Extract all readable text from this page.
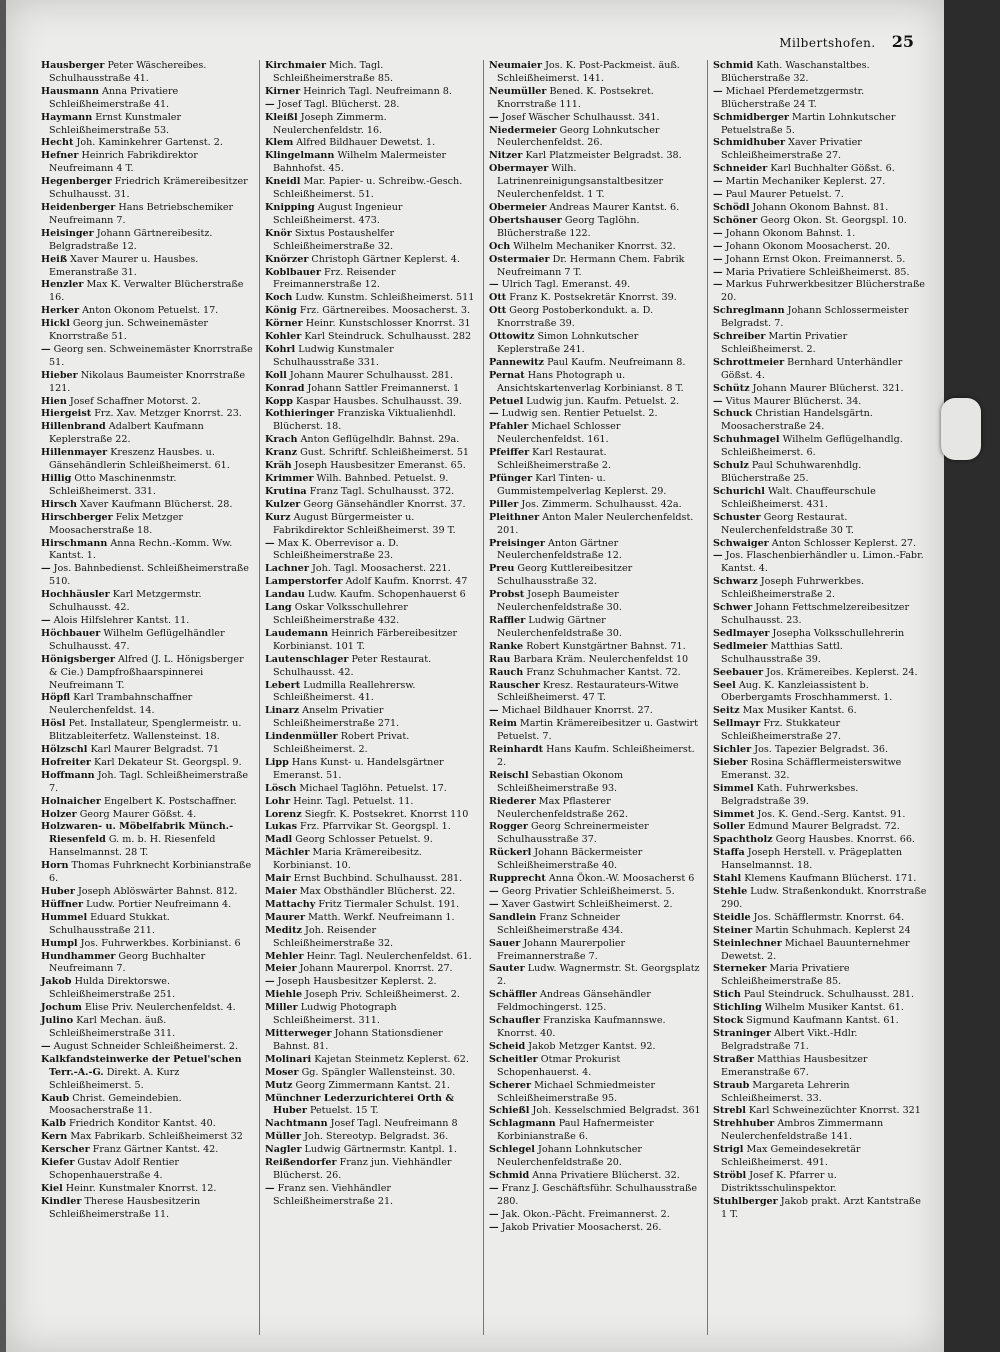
Milbertshofen. 25
Hausberger Peter Wäschereibes. Schulhausstraße 41.
Hausmann Anna Privatiere Schleißheimerstraße 41.
Haymann Ernst Kunstmaler Schleißheimerstraße 53.
Hecht Joh. Kaminkehrer Gartenst. 2.
Hefner Heinrich Fabrikdirektor Neufreimann 4 T.
Hegenberger Friedrich Krämereibesitzer Schulhausst. 31.
Heidenberger Hans Betriebschemiker Neufreimann 7.
Heisinger Johann Gärtnereibesitz. Belgradstraße 12.
Heiß Xaver Maurer u. Hausbes. Emeranstraße 31.
Henzler Max K. Verwalter Blücherstraße 16.
Herker Anton Okonom Petuelst. 17.
Hickl Georg jun. Schweinemäster Knorrstraße 51.
— Georg sen. Schweinemäster Knorrstraße 51.
Hieber Nikolaus Baumeister Knorrstraße 121.
Hien Josef Schaffner Motorst. 2.
Hiergeist Frz. Xav. Metzger Knorrst. 23.
Hillenbrand Adalbert Kaufmann Keplerstraße 22.
Hillenmayer Kreszenz Hausbes. u. Gänsehändlerin Schleißheimerst. 61.
Hillig Otto Maschinenmstr. Schleißheimerst. 331.
Hirsch Xaver Kaufmann Blücherst. 28.
Hirschberger Felix Metzger Moosacherstraße 18.
Hirschmann Anna Rechn.-Komm. Ww. Kantst. 1.
— Jos. Bahnbedienst. Schleißheimerstraße 510.
Hochhäusler Karl Metzgermstr. Schulhausst. 42.
— Alois Hilfslehrer Kantst. 11.
Höchbauer Wilhelm Geflügelhändler Schulhausst. 47.
Hönigsberger Alfred (J. L. Hönigsberger & Cie.) Dampfroßhaarspinnerei Neufreimann T.
Höpfl Karl Trambahnschaffner Neulerchenfeldst. 14.
Hösl Pet. Installateur, Spenglermeistr. u. Blitzableiterfetz. Wallensteinst. 18.
Hölzschl Karl Maurer Belgradst. 71
Hofreiter Karl Dekateur St. Georgspl. 9.
Hoffmann Joh. Tagl. Schleißheimerstraße 7.
Holnaicher Engelbert K. Postschaffner.
Holzer Georg Maurer Gößst. 4.
Holzwaren- u. Möbelfabrik Münch.-Riesenfeld G. m. b. H. Riesenfeld Hanselmannst. 28 T.
Horn Thomas Fuhrknecht Korbinianstraße 6.
Huber Joseph Ablöswärter Bahnst. 812.
Hüffner Ludw. Portier Neufreimann 4.
Hummel Eduard Stukkat. Schulhausstraße 211.
Humpl Jos. Fuhrwerkbes. Korbinianst. 6
Hundhammer Georg Buchhalter Neufreimann 7.
Jakob Hulda Direktorswe. Schleißheimerstraße 251.
Jochum Elise Priv. Neulerchenfeldst. 4.
Julino Karl Mechan. äuß. Schleißheimerstraße 311.
— August Schneider Schleißheimerst. 2.
Kalkfandsteinwerke der Petuel'schen Terr.-A.-G. Direkt. A. Kurz Schleißheimerst. 5.
Kaub Christ. Gemeindebien. Moosacherstraße 11.
Kalb Friedrich Konditor Kantst. 40.
Kern Max Fabrikarb. Schleißheimerst 32
Kerscher Franz Gärtner Kantst. 42.
Kiefer Gustav Adolf Rentier Schopenhauerstraße 4.
Kiel Heinr. Kunstmaler Knorrst. 12.
Kindler Therese Hausbesitzerin Schleißheimerstraße 11.
Kirchmaier Mich. Tagl. Schleißheimerstraße 85.
Kirner Heinrich Tagl. Neufreimann 8.
— Josef Tagl. Blücherst. 28.
Kleißl Joseph Zimmerm. Neulerchenfeldstr. 16.
Klem Alfred Bildhauer Dewetst. 1.
Klingelmann Wilhelm Malermeister Bahnhofst. 45.
Kneidl Mar. Papier- u. Schreibw.-Gesch. Schleißheimerst. 51.
Knipping August Ingenieur Schleißheimerst. 473.
Knör Sixtus Postaushelfer Schleißheimerstraße 32.
Knörzer Christoph Gärtner Keplerst. 4.
Koblbauer Frz. Reisender Freimannerstraße 12.
Koch Ludw. Kunstm. Schleißheimerst. 511
König Frz. Gärtnereibes. Moosacherst. 3.
Körner Heinr. Kunstschlosser Knorrst. 31
Kohler Karl Steindruck. Schulhausst. 282
Kohrl Ludwig Kunstmaler Schulhausstraße 331.
Koll Johann Maurer Schulhausst. 281.
Konrad Johann Sattler Freimannerst. 1
Kopp Kaspar Hausbes. Schulhausst. 39.
Kothieringer Franziska Viktualienhdl. Blücherst. 18.
Krach Anton Geflügelhdlr. Bahnst. 29a.
Kranz Gust. Schriftf. Schleißheimerst. 51
Kräh Joseph Hausbesitzer Emeranst. 65.
Krimmer Wilh. Bahnbed. Petuelst. 9.
Krutina Franz Tagl. Schulhausst. 372.
Kulzer Georg Gänsehändler Knorrst. 37.
Kurz August Bürgermeister u. Fabrikdirektor Schleißheimerst. 39 T.
— Max K. Oberrevisor a. D. Schleißheimerstraße 23.
Lachner Joh. Tagl. Moosacherst. 221.
Lamperstorfer Adolf Kaufm. Knorrst. 47
Landau Ludw. Kaufm. Schopenhauerst 6
Lang Oskar Volksschullehrer Schleißheimerstraße 432.
Laudemann Heinrich Färbereibesitzer Korbinianst. 101 T.
Lautenschlager Peter Restaurat. Schulhausst. 42.
Lebert Ludmilla Reallehrersw. Schleißheimerst. 41.
Linarz Anselm Privatier Schleißheimerstraße 271.
Lindenmüller Robert Privat. Schleißheimerst. 2.
Lipp Hans Kunst- u. Handelsgärtner Emeranst. 51.
Lösch Michael Taglöhn. Petuelst. 17.
Lohr Heinr. Tagl. Petuelst. 11.
Lorenz Siegfr. K. Postsekret. Knorrst 110
Lukas Frz. Pfarrvikar St. Georgspl. 1.
Madl Georg Schlosser Petuelst. 9.
Mächler Maria Krämereibesitz. Korbinianst. 10.
Mair Ernst Buchbind. Schulhausst. 281.
Maier Max Obsthändler Blücherst. 22.
Mattachy Fritz Tiermaler Schulst. 191.
Maurer Matth. Werkf. Neufreimann 1.
Meditz Joh. Reisender Schleißheimerstraße 32.
Mehler Heinr. Tagl. Neulerchenfeldst. 61.
Meier Johann Maurerpol. Knorrst. 27.
— Joseph Hausbesitzer Keplerst. 2.
Miehle Joseph Priv. Schleißheimerst. 2.
Miller Ludwig Photograph Schleißheimerst. 311.
Mitterweger Johann Stationsdiener Bahnst. 81.
Molinari Kajetan Steinmetz Keplerst. 62.
Moser Gg. Spängler Wallensteinst. 30.
Mutz Georg Zimmermann Kantst. 21.
Münchner Lederzurichterei Orth & Huber Petuelst. 15 T.
Nachtmann Josef Tagl. Neufreimann 8
Müller Joh. Stereotyp. Belgradst. 36.
Nagler Ludwig Gärtnermstr. Kantpl. 1.
Reißendorfer Franz jun. Viehhändler Blücherst. 26.
— Franz sen. Viehhändler Schleißheimerstraße 21.
Neumaier Jos. K. Post-Packmeist. äuß. Schleißheimerst. 141.
Neumüller Bened. K. Postsekret. Knorrstraße 111.
— Josef Wäscher Schulhausst. 341.
Niedermeier Georg Lohnkutscher Neulerchenfeldst. 26.
Nitzer Karl Platzmeister Belgradst. 38.
Obermayer Wilh. Latrinenreinigungsanstaltbesitzer Neulerchenfeldst. 1 T.
Obermeier Andreas Maurer Kantst. 6.
Obertshauser Georg Taglöhn. Blücherstraße 122.
Och Wilhelm Mechaniker Knorrst. 32.
Ostermaier Dr. Hermann Chem. Fabrik Neufreimann 7 T.
— Ulrich Tagl. Emeranst. 49.
Ott Franz K. Postsekretär Knorrst. 39.
Ott Georg Postoberkondukt. a. D. Knorrstraße 39.
Ottowitz Simon Lohnkutscher Keplerstraße 241.
Pannewitz Paul Kaufm. Neufreimann 8.
Pernat Hans Photograph u. Ansichtskartenverlag Korbinianst. 8 T.
Petuel Ludwig jun. Kaufm. Petuelst. 2.
— Ludwig sen. Rentier Petuelst. 2.
Pfahler Michael Schlosser Neulerchenfeldst. 161.
Pfeiffer Karl Restaurat. Schleißheimerstraße 2.
Pfünger Karl Tinten- u. Gummistempelverlag Keplerst. 29.
Piller Jos. Zimmerm. Schulhausst. 42a.
Pleithner Anton Maler Neulerchenfeldst. 201.
Preisinger Anton Gärtner Neulerchenfeldstraße 12.
Preu Georg Kuttlereibesitzer Schulhausstraße 32.
Probst Joseph Baumeister Neulerchenfeldstraße 30.
Raffler Ludwig Gärtner Neulerchenfeldstraße 30.
Ranke Robert Kunstgärtner Bahnst. 71.
Rau Barbara Kräm. Neulerchenfeldst 10
Rauch Franz Schuhmacher Kantst. 72.
Rauscher Kresz. Restaurateurs-Witwe Schleißheimerst. 47 T.
— Michael Bildhauer Knorrst. 27.
Reim Martin Krämereibesitzer u. Gastwirt Petuelst. 7.
Reinhardt Hans Kaufm. Schleißheimerst. 2.
Reischl Sebastian Okonom Schleißheimerstraße 93.
Riederer Max Pflasterer Neulerchenfeldstraße 262.
Rogger Georg Schreinermeister Schulhausstraße 37.
Rückerl Johann Bäckermeister Schleißheimerstraße 40.
Rupprecht Anna Ökon.-W. Moosacherst 6
— Georg Privatier Schleißheimerst. 5.
— Xaver Gastwirt Schleißheimerst. 2.
Sandlein Franz Schneider Schleißheimerstraße 434.
Sauer Johann Maurerpolier Freimannerstraße 7.
Sauter Ludw. Wagnermstr. St. Georgsplatz 2.
Schäffler Andreas Gänsehändler Feldmochingerst. 125.
Schaufler Franziska Kaufmannswe. Knorrst. 40.
Scheid Jakob Metzger Kantst. 92.
Scheitler Otmar Prokurist Schopenhauerst. 4.
Scherer Michael Schmiedmeister Schleißheimerstraße 95.
Schießl Joh. Kesselschmied Belgradst. 361
Schlagmann Paul Hafnermeister Korbinianstraße 6.
Schlegel Johann Lohnkutscher Neulerchenfeldstraße 20.
Schmid Anna Privatiere Blücherst. 32.
— Franz J. Geschäftsführ. Schulhausstraße 280.
— Jak. Okon.-Pächt. Freimannerst. 2.
— Jakob Privatier Moosacherst. 26.
Schmid Kath. Waschanstaltbes. Blücherstraße 32.
— Michael Pferdemetzgermstr. Blücherstraße 24 T.
Schmidberger Martin Lohnkutscher Petuelstraße 5.
Schmidhuber Xaver Privatier Schleißheimerstraße 27.
Schneider Karl Buchhalter Gößst. 6.
— Martin Mechaniker Keplerst. 27.
— Paul Maurer Petuelst. 7.
Schödl Johann Okonom Bahnst. 81.
Schöner Georg Okon. St. Georgspl. 10.
— Johann Okonom Bahnst. 1.
— Johann Okonom Moosacherst. 20.
— Johann Ernst Okon. Freimannerst. 5.
— Maria Privatiere Schleißheimerst. 85.
— Markus Fuhrwerkbesitzer Blücherstraße 20.
Schreglmann Johann Schlossermeister Belgradst. 7.
Schreiber Martin Privatier Schleißheimerst. 2.
Schrottmeier Bernhard Unterhändler Gößst. 4.
Schütz Johann Maurer Blücherst. 321.
— Vitus Maurer Blücherst. 34.
Schuck Christian Handelsgärtn. Moosacherstraße 24.
Schuhmagel Wilhelm Geflügelhandlg. Schleißheimerst. 6.
Schulz Paul Schuhwarenhdlg. Blücherstraße 25.
Schurichl Walt. Chauffeurschule Schleißheimerst. 431.
Schuster Georg Restaurat. Neulerchenfeldstraße 30 T.
Schwaiger Anton Schlosser Keplerst. 27.
— Jos. Flaschenbierhändler u. Limon.-Fabr. Kantst. 4.
Schwarz Joseph Fuhrwerkbes. Schleißheimerstraße 2.
Schwer Johann Fettschmelzereibesitzer Schulhausst. 23.
Sedlmayer Josepha Volksschullehrerin
Sedlmeier Matthias Sattl. Schulhausstraße 39.
Seebauer Jos. Krämereibes. Keplerst. 24.
Seel Aug. K. Kanzleiassistent b. Oberbergamts Froschhammerst. 1.
Seitz Max Musiker Kantst. 6.
Sellmayr Frz. Stukkateur Schleißheimerstraße 27.
Sichler Jos. Tapezier Belgradst. 36.
Sieber Rosina Schäfflermeisterswitwe Emeranst. 32.
Simmel Kath. Fuhrwerksbes. Belgradstraße 39.
Simmet Jos. K. Gend.-Serg. Kantst. 91.
Soller Edmund Maurer Belgradst. 72.
Spachtholz Georg Hausbes. Knorrst. 66.
Staffa Joseph Herstell. v. Prägeplatten Hanselmannst. 18.
Stahl Klemens Kaufmann Blücherst. 171.
Stehle Ludw. Straßenkondukt. Knorrstraße 290.
Steidle Jos. Schäfflermstr. Knorrst. 64.
Steiner Martin Schuhmach. Keplerst 24
Steinlechner Michael Bauunternehmer Dewetst. 2.
Sterneker Maria Privatiere Schleißheimerstraße 85.
Stich Paul Steindruck. Schulhausst. 281.
Stichling Wilhelm Musiker Kantst. 61.
Stock Sigmund Kaufmann Kantst. 61.
Straninger Albert Vikt.-Hdlr. Belgradstraße 71.
Straßer Matthias Hausbesitzer Emeranstraße 67.
Straub Margareta Lehrerin Schleißheimerst. 33.
Strebl Karl Schweinezüchter Knorrst. 321
Strehhuber Ambros Zimmermann Neulerchenfeldstraße 141.
Strigl Max Gemeindesekretär Schleißheimerst. 491.
Ströbl Josef K. Pfarrer u. Distriktsschulinspektor.
Stuhlberger Jakob prakt. Arzt Kantstraße 1 T.
